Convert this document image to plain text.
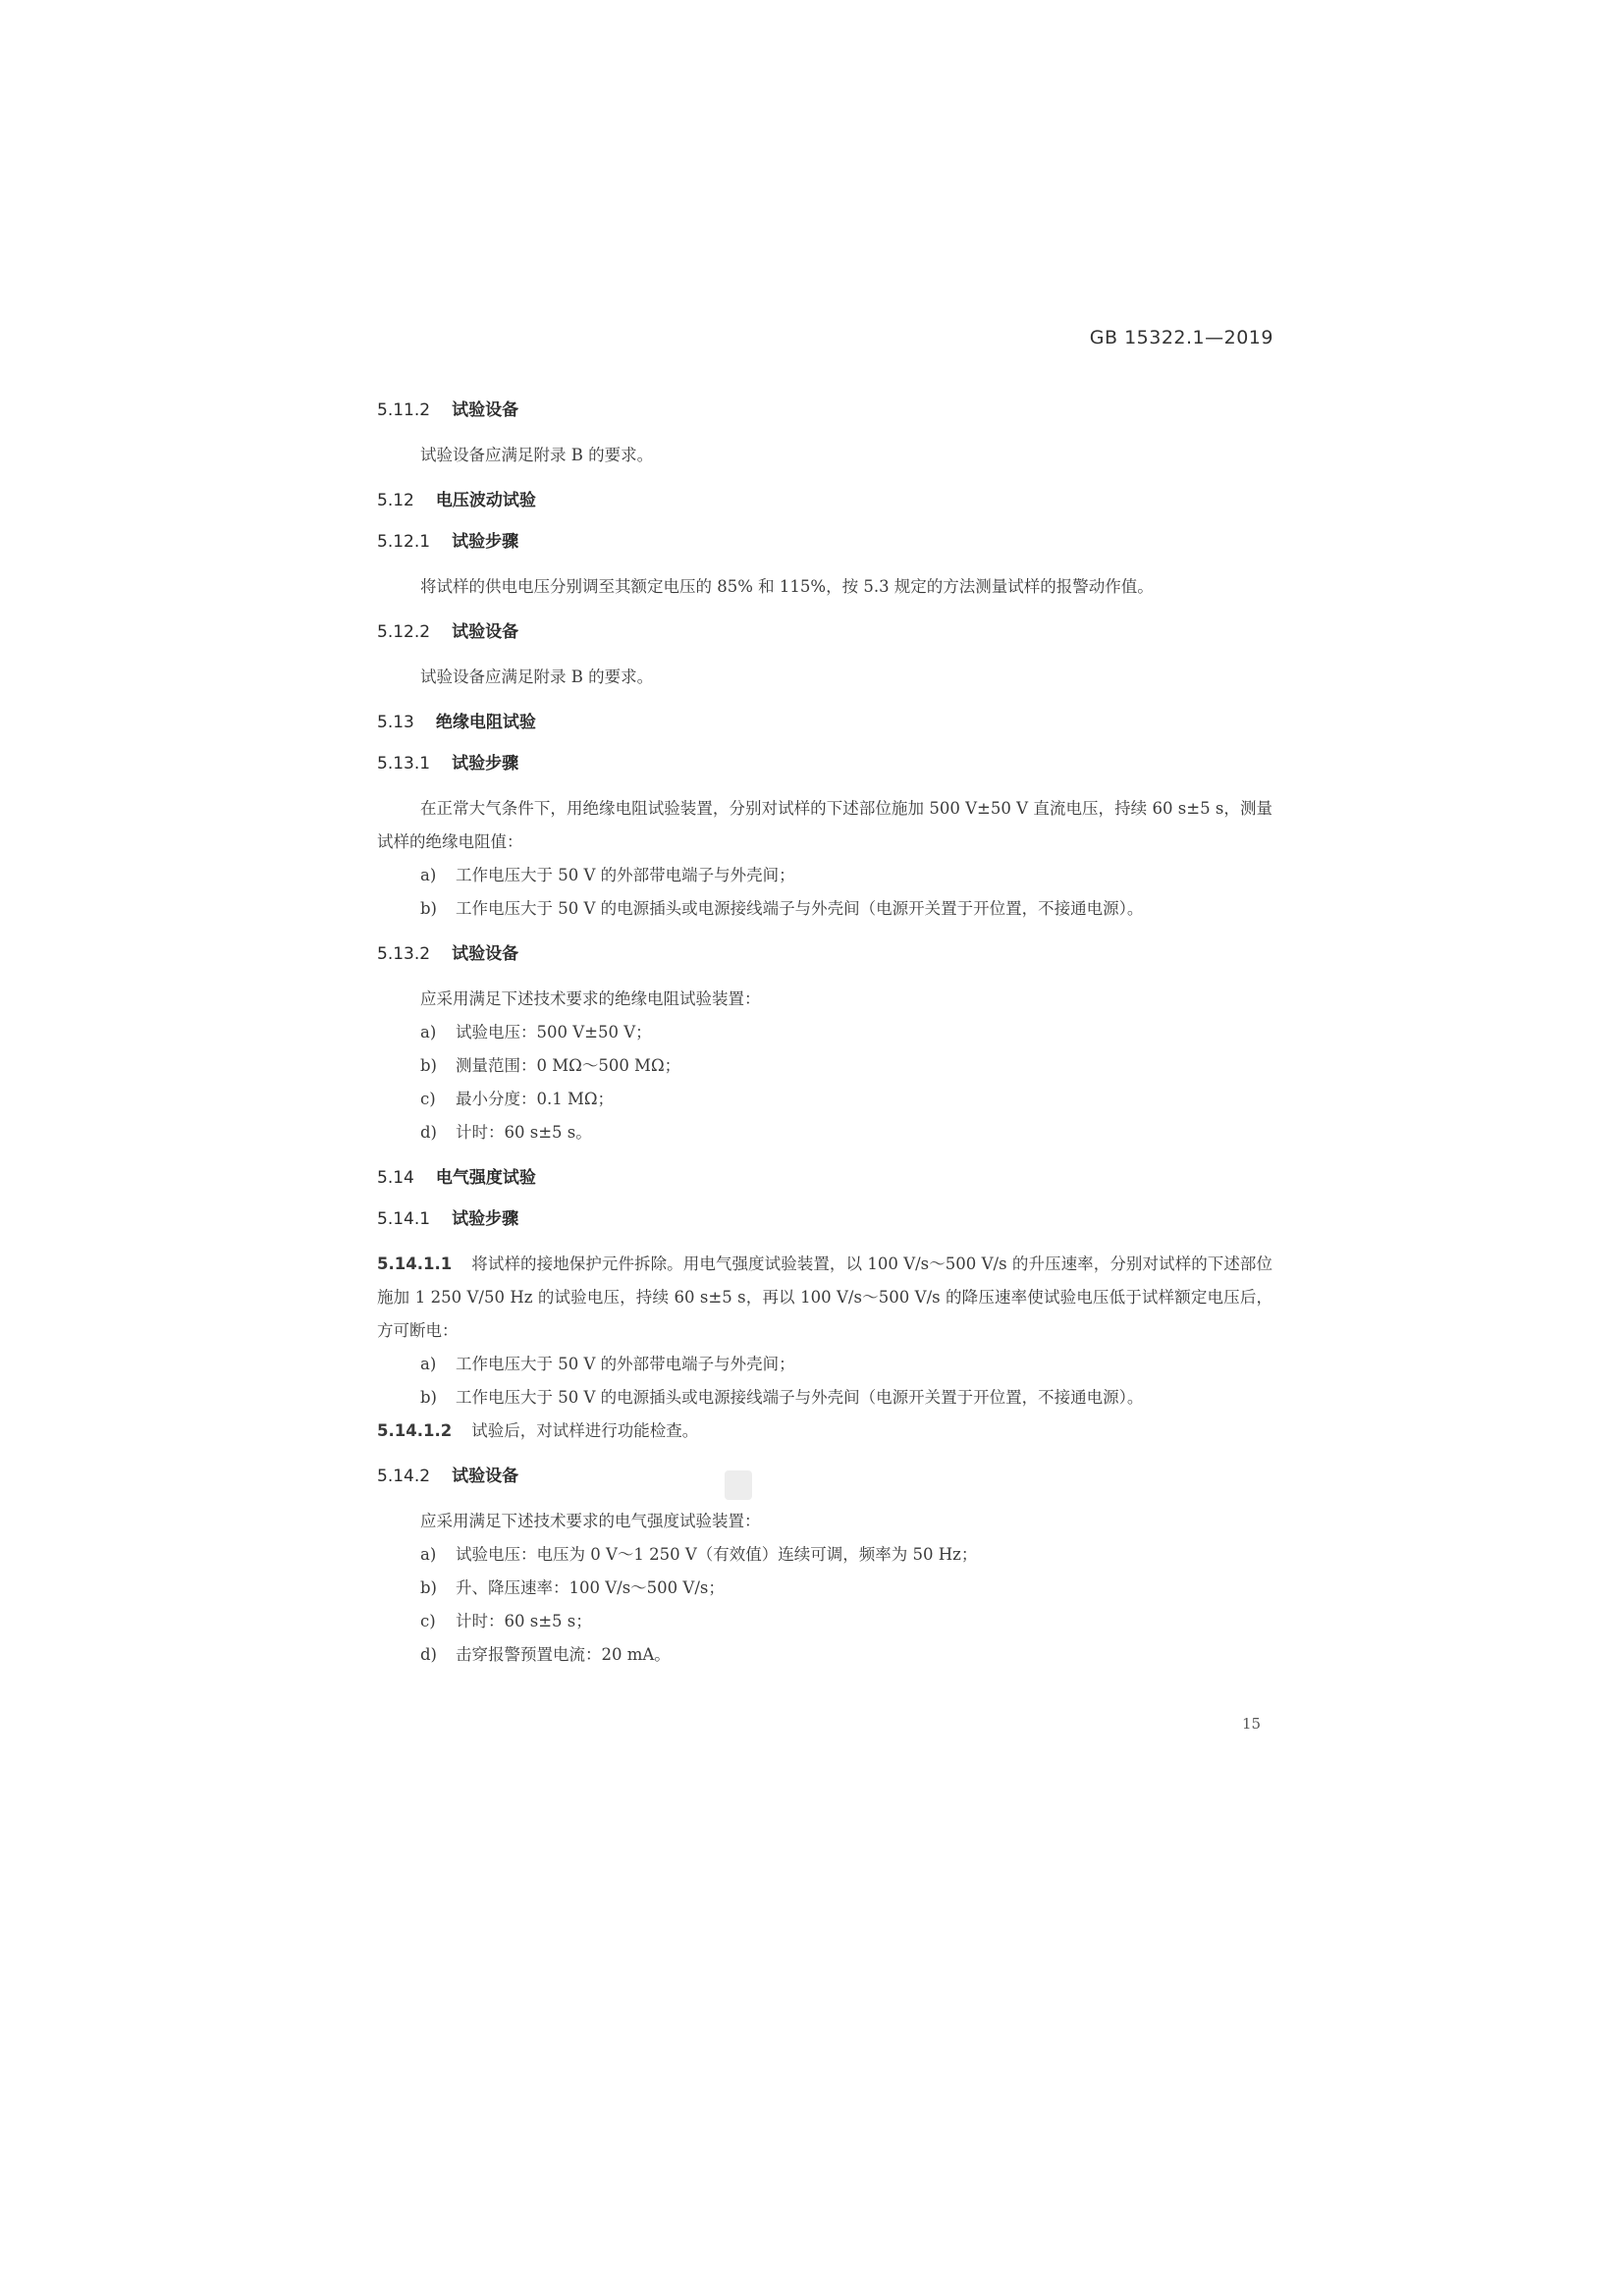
GB 15322.1—2019
5.11.2 试验设备

试验设备应满足附录 B 的要求。

5.12 电压波动试验
5.12.1 试验步骤

将试样的供电电压分别调至其额定电压的 85% 和 115%，按 5.3 规定的方法测量试样的报警动作值。

5.12.2 试验设备

试验设备应满足附录 B 的要求。

5.13 绝缘电阻试验
5.13.1 试验步骤

在正常大气条件下，用绝缘电阻试验装置，分别对试样的下述部位施加 500 V±50 V 直流电压，持续 60 s±5 s，测量试样的绝缘电阻值：

a) 工作电压大于 50 V 的外部带电端子与外壳间；
b) 工作电压大于 50 V 的电源插头或电源接线端子与外壳间（电源开关置于开位置，不接通电源）。
5.13.2 试验设备

应采用满足下述技术要求的绝缘电阻试验装置：

a) 试验电压：500 V±50 V；
b) 测量范围：0 MΩ～500 MΩ；
c) 最小分度：0.1 MΩ；
d) 计时：60 s±5 s。
5.14 电气强度试验
5.14.1 试验步骤

5.14.1.1 将试样的接地保护元件拆除。用电气强度试验装置，以 100 V/s～500 V/s 的升压速率，分别对试样的下述部位施加 1 250 V/50 Hz 的试验电压，持续 60 s±5 s，再以 100 V/s～500 V/s 的降压速率使试验电压低于试样额定电压后，方可断电：

a) 工作电压大于 50 V 的外部带电端子与外壳间；
b) 工作电压大于 50 V 的电源插头或电源接线端子与外壳间（电源开关置于开位置，不接通电源）。

5.14.1.2 试验后，对试样进行功能检查。

5.14.2 试验设备

应采用满足下述技术要求的电气强度试验装置：

a) 试验电压：电压为 0 V～1 250 V（有效值）连续可调，频率为 50 Hz；
b) 升、降压速率：100 V/s～500 V/s；
c) 计时：60 s±5 s；
d) 击穿报警预置电流：20 mA。
15
